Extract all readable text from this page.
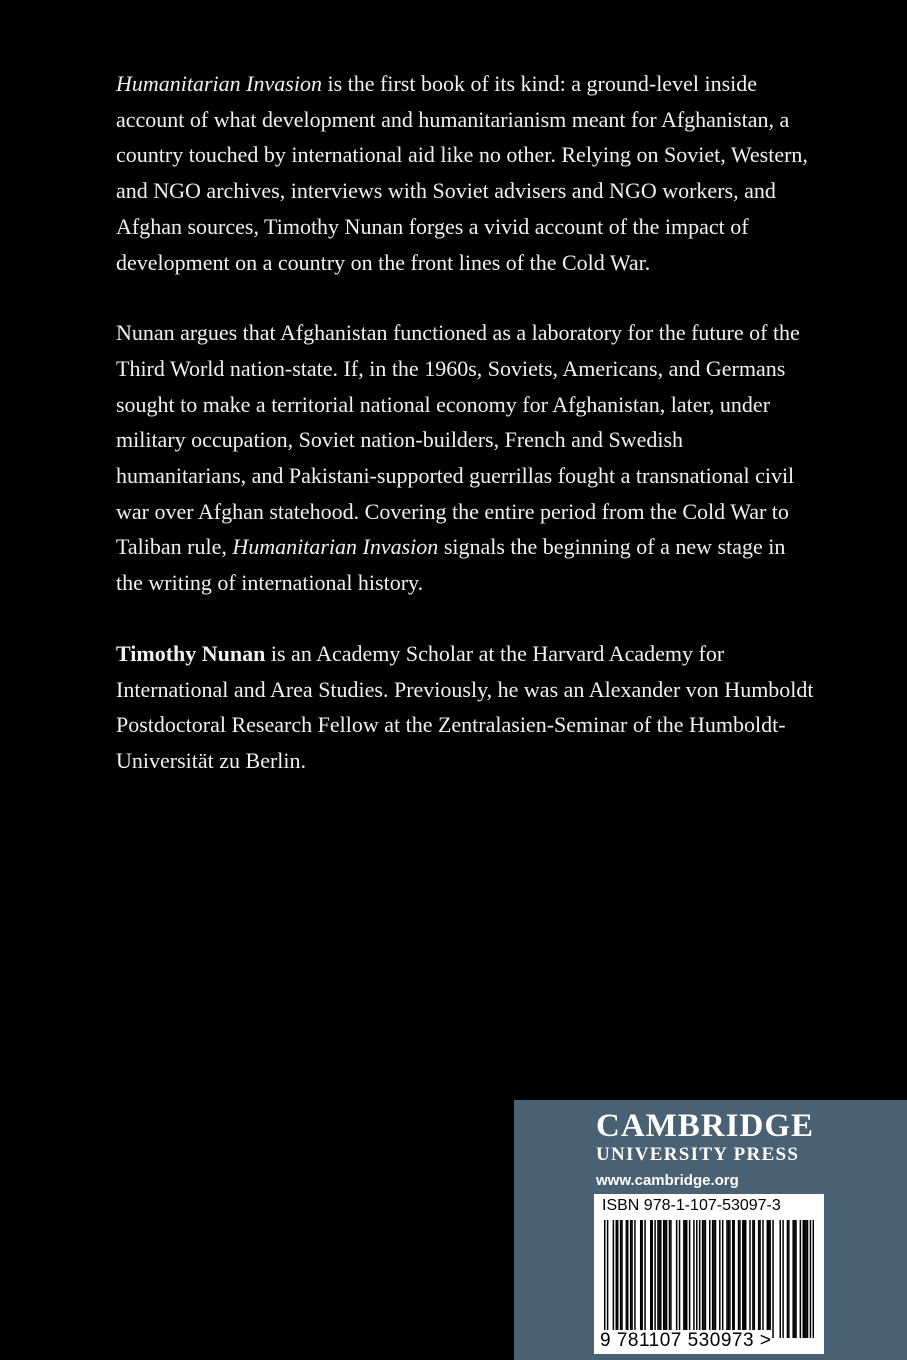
Humanitarian Invasion is the first book of its kind: a ground-level inside account of what development and humanitarianism meant for Afghanistan, a country touched by international aid like no other. Relying on Soviet, Western, and NGO archives, interviews with Soviet advisers and NGO workers, and Afghan sources, Timothy Nunan forges a vivid account of the impact of development on a country on the front lines of the Cold War.

Nunan argues that Afghanistan functioned as a laboratory for the future of the Third World nation-state. If, in the 1960s, Soviets, Americans, and Germans sought to make a territorial national economy for Afghanistan, later, under military occupation, Soviet nation-builders, French and Swedish humanitarians, and Pakistani-supported guerrillas fought a transnational civil war over Afghan statehood. Covering the entire period from the Cold War to Taliban rule, Humanitarian Invasion signals the beginning of a new stage in the writing of international history.

Timothy Nunan is an Academy Scholar at the Harvard Academy for International and Area Studies. Previously, he was an Alexander von Humboldt Postdoctoral Research Fellow at the Zentralasien-Seminar of the Humboldt-Universität zu Berlin.

CAMBRIDGE
UNIVERSITY PRESS
www.cambridge.org
ISBN 978-1-107-53097-3
9 781107 530973 >
